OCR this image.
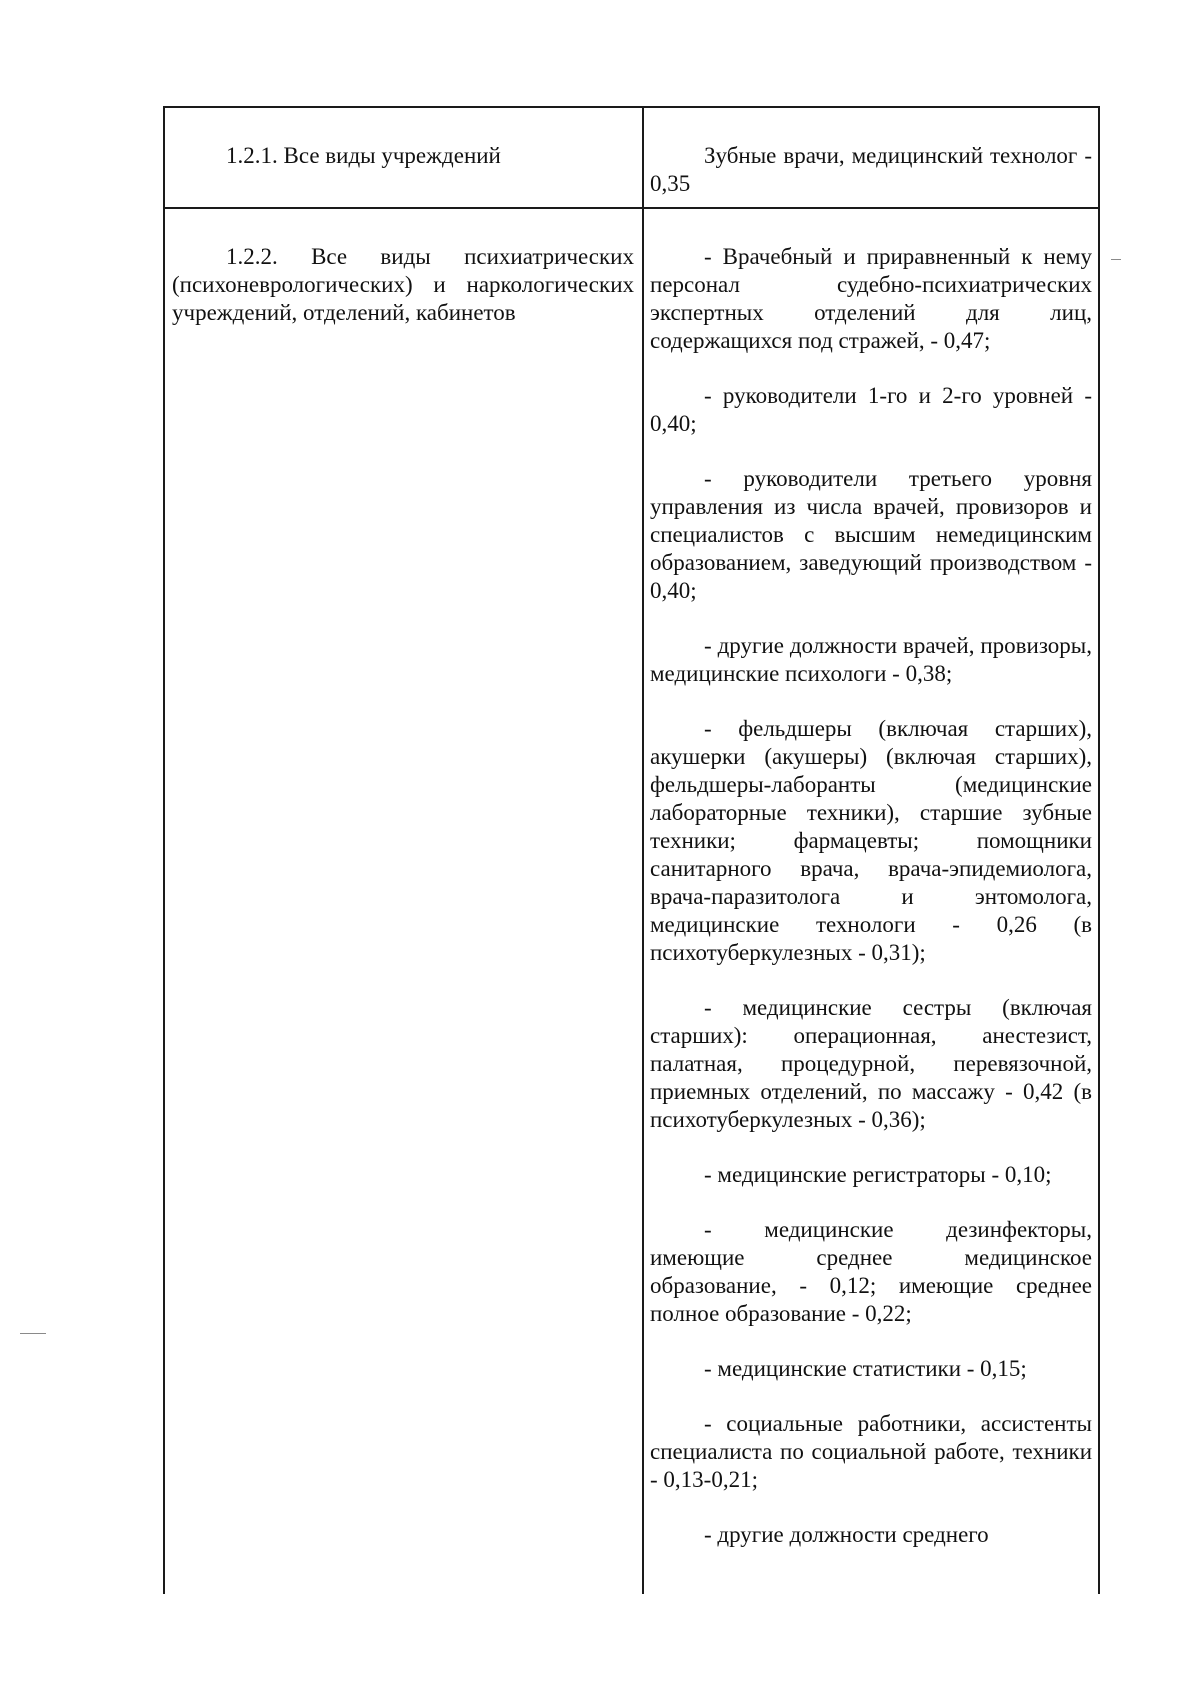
1.2.1. Все виды учреждений	Зубные врачи, медицинский технолог - 0,35

1.2.2. Все виды психиатрических (психоневрологических) и наркологических учреждений, отделений, кабинетов

- Врачебный и приравненный к нему персонал судебно-психиатрических экспертных отделений для лиц, содержащихся под стражей, - 0,47;

- руководители 1-го и 2-го уровней - 0,40;

- руководители третьего уровня управления из числа врачей, провизоров и специалистов с высшим немедицинским образованием, заведующий производством - 0,40;

- другие должности врачей, провизоры, медицинские психологи - 0,38;

- фельдшеры (включая старших), акушерки (акушеры) (включая старших), фельдшеры-лаборанты (медицинские лабораторные техники), старшие зубные техники; фармацевты; помощники санитарного врача, врача-эпидемиолога, врача-паразитолога и энтомолога, медицинские технологи - 0,26 (в психотуберкулезных - 0,31);

- медицинские сестры (включая старших): операционная, анестезист, палатная, процедурной, перевязочной, приемных отделений, по массажу - 0,42 (в психотуберкулезных - 0,36);

- медицинские регистраторы - 0,10;

- медицинские дезинфекторы, имеющие среднее медицинское образование, - 0,12; имеющие среднее полное образование - 0,22;

- медицинские статистики - 0,15;

- социальные работники, ассистенты специалиста по социальной работе, техники - 0,13-0,21;

- другие должности среднего
